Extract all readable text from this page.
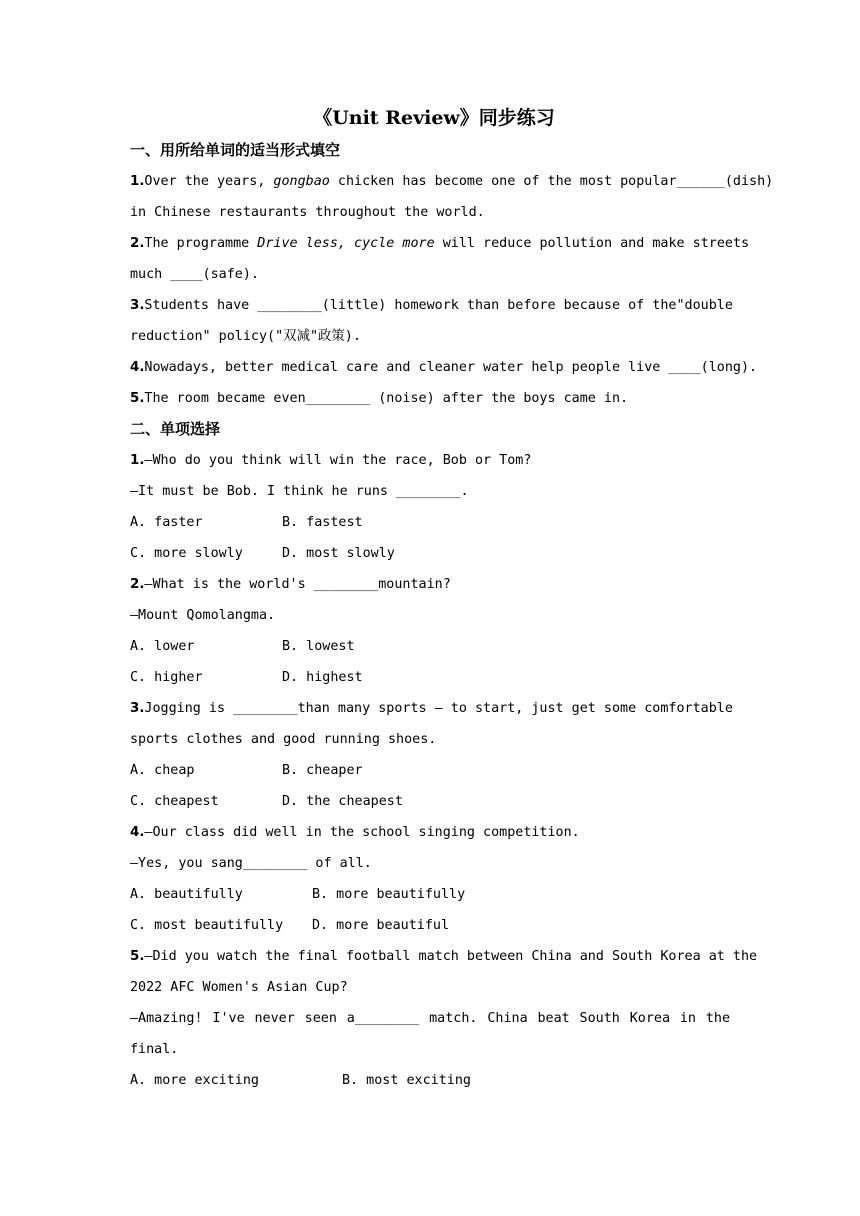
《Unit Review》同步练习
一、用所给单词的适当形式填空
1.Over the years, gongbao chicken has become one of the most popular______(dish)
in Chinese restaurants throughout the world.
2.The programme Drive less, cycle more will reduce pollution and make streets
much ____(safe).
3.Students have ________(little) homework than before because of the"double
reduction" policy("双减"政策).
4.Nowadays, better medical care and cleaner water help people live ____(long).
5.The room became even________ (noise) after the boys came in.
二、单项选择
1.—Who do you think will win the race, Bob or Tom?
—It must be Bob. I think he runs ________.
A. faster	B. fastest
C. more slowly	D. most slowly
2.—What is the world's ________mountain?
—Mount Qomolangma.
A. lower	B. lowest
C. higher	D. highest
3.Jogging is ________than many sports — to start, just get some comfortable
sports clothes and good running shoes.
A. cheap	B. cheaper
C. cheapest	D. the cheapest
4.—Our class did well in the school singing competition.
—Yes, you sang________ of all.
A. beautifully	B. more beautifully
C. most beautifully D. more beautiful
5.—Did you watch the final football match between China and South Korea at the
2022 AFC Women's Asian Cup?
—Amazing! I've never seen a________ match. China beat South Korea in the
final.
A. more exciting	B. most exciting
